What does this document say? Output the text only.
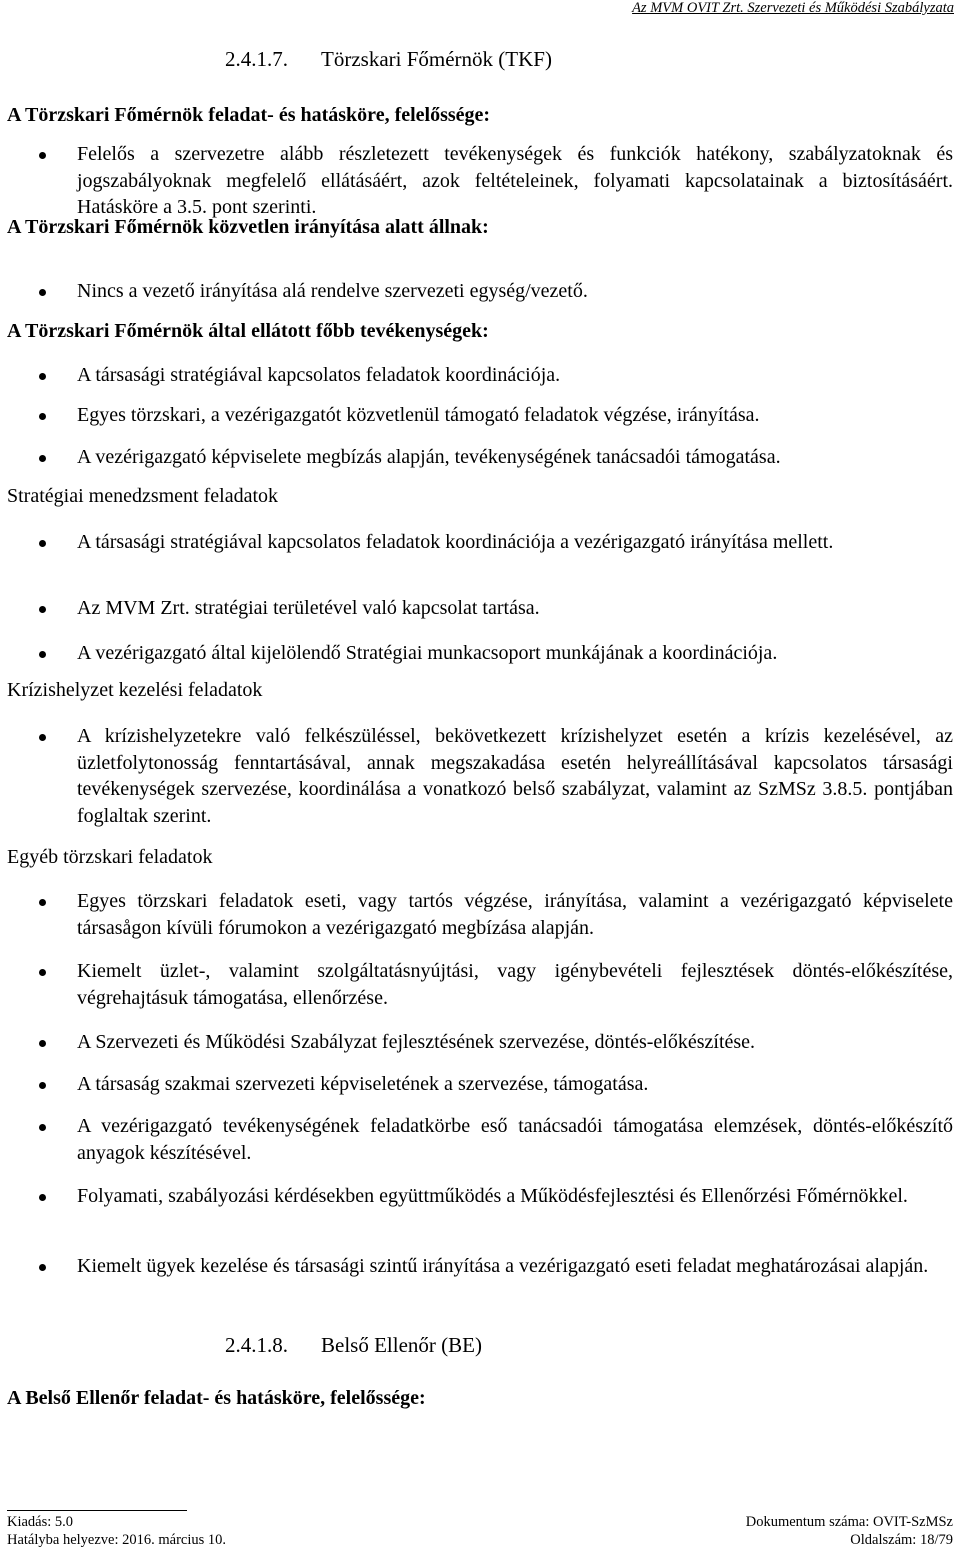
Az MVM OVIT Zrt. Szervezeti és Működési Szabályzata
2.4.1.7. Törzskari Főmérnök (TKF)
A Törzskari Főmérnök feladat- és hatásköre, felelőssége:
Felelős a szervezetre alább részletezett tevékenységek és funkciók hatékony, szabályzatoknak és jogszabályoknak megfelelő ellátásáért, azok feltételeinek, folyamati kapcsolatainak a biztosításáért. Hatásköre a 3.5. pont szerinti.
A Törzskari Főmérnök közvetlen irányítása alatt állnak:
Nincs a vezető irányítása alá rendelve szervezeti egység/vezető.
A Törzskari Főmérnök által ellátott főbb tevékenységek:
A társasági stratégiával kapcsolatos feladatok koordinációja.
Egyes törzskari, a vezérigazgatót közvetlenül támogató feladatok végzése, irányítása.
A vezérigazgató képviselete megbízás alapján, tevékenységének tanácsadói támogatása.
Stratégiai menedzsment feladatok
A társasági stratégiával kapcsolatos feladatok koordinációja a vezérigazgató irányítása mellett.
Az MVM Zrt. stratégiai területével való kapcsolat tartása.
A vezérigazgató által kijelölendő Stratégiai munkacsoport munkájának a koordinációja.
Krízishelyzet kezelési feladatok
A krízishelyzetekre való felkészüléssel, bekövetkezett krízishelyzet esetén a krízis kezelésével, az üzletfolytonosság fenntartásával, annak megszakadása esetén helyreállításával kapcsolatos társasági tevékenységek szervezése, koordinálása a vonatkozó belső szabályzat, valamint az SzMSz 3.8.5. pontjában foglaltak szerint.
Egyéb törzskari feladatok
Egyes törzskari feladatok eseti, vagy tartós végzése, irányítása, valamint a vezérigazgató képviselete társasågon kívüli fórumokon a vezérigazgató megbízása alapján.
Kiemelt üzlet-, valamint szolgáltatásnyújtási, vagy igénybevételi fejlesztések döntés-előkészítése, végrehajtásuk támogatása, ellenőrzése.
A Szervezeti és Működési Szabályzat fejlesztésének szervezése, döntés-előkészítése.
A társaság szakmai szervezeti képviseletének a szervezése, támogatása.
A vezérigazgató tevékenységének feladatkörbe eső tanácsadói támogatása elemzések, döntés-előkészítő anyagok készítésével.
Folyamati, szabályozási kérdésekben együttműködés a Működésfejlesztési és Ellenőrzési Főmérnökkel.
Kiemelt ügyek kezelése és társasági szintű irányítása a vezérigazgató eseti feladat meghatározásai alapján.
2.4.1.8. Belső Ellenőr (BE)
A Belső Ellenőr feladat- és hatásköre, felelőssége:
Kiadás: 5.0
Hatályba helyezve: 2016. március 10.
Dokumentum száma: OVIT-SzMSz
Oldalszám: 18/79
